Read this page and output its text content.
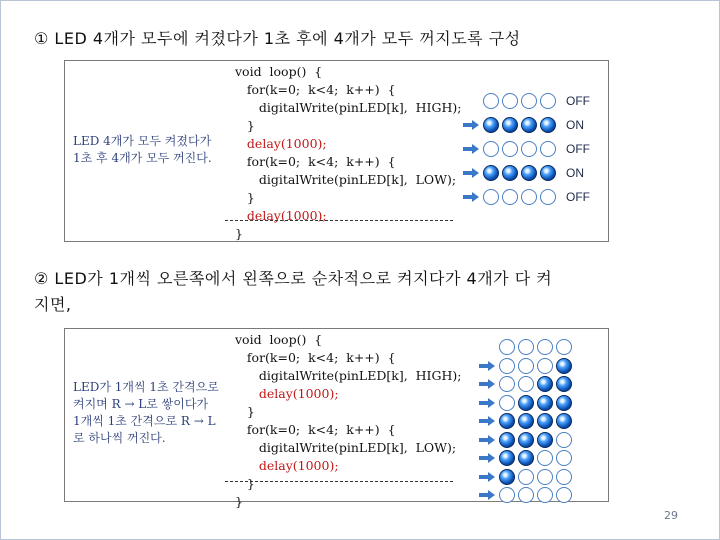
① LED 4개가 모두에 켜졌다가 1초 후에 4개가 모두 꺼지도록 구성
LED 4개가 모두 켜졌다가
1초 후 4개가 모두 꺼진다.
void  loop()  {
for(k=0;  k<4;  k++)  {
digitalWrite(pinLED[k],  HIGH);
}
delay(1000);
for(k=0;  k<4;  k++)  {
digitalWrite(pinLED[k],  LOW);
}
delay(1000);
}
OFF
ON
OFF
ON
OFF
② LED가 1개씩 오른쪽에서 왼쪽으로 순차적으로 켜지다가 4개가 다 켜
지면,
LED가 1개씩 1초 간격으로
켜지며 R → L로 쌓이다가
1개씩 1초 간격으로 R → L
로 하나씩 꺼진다.
void  loop()  {
for(k=0;  k<4;  k++)  {
digitalWrite(pinLED[k],  HIGH);
delay(1000);
}
for(k=0;  k<4;  k++)  {
digitalWrite(pinLED[k],  LOW);
delay(1000);
}
}
29
